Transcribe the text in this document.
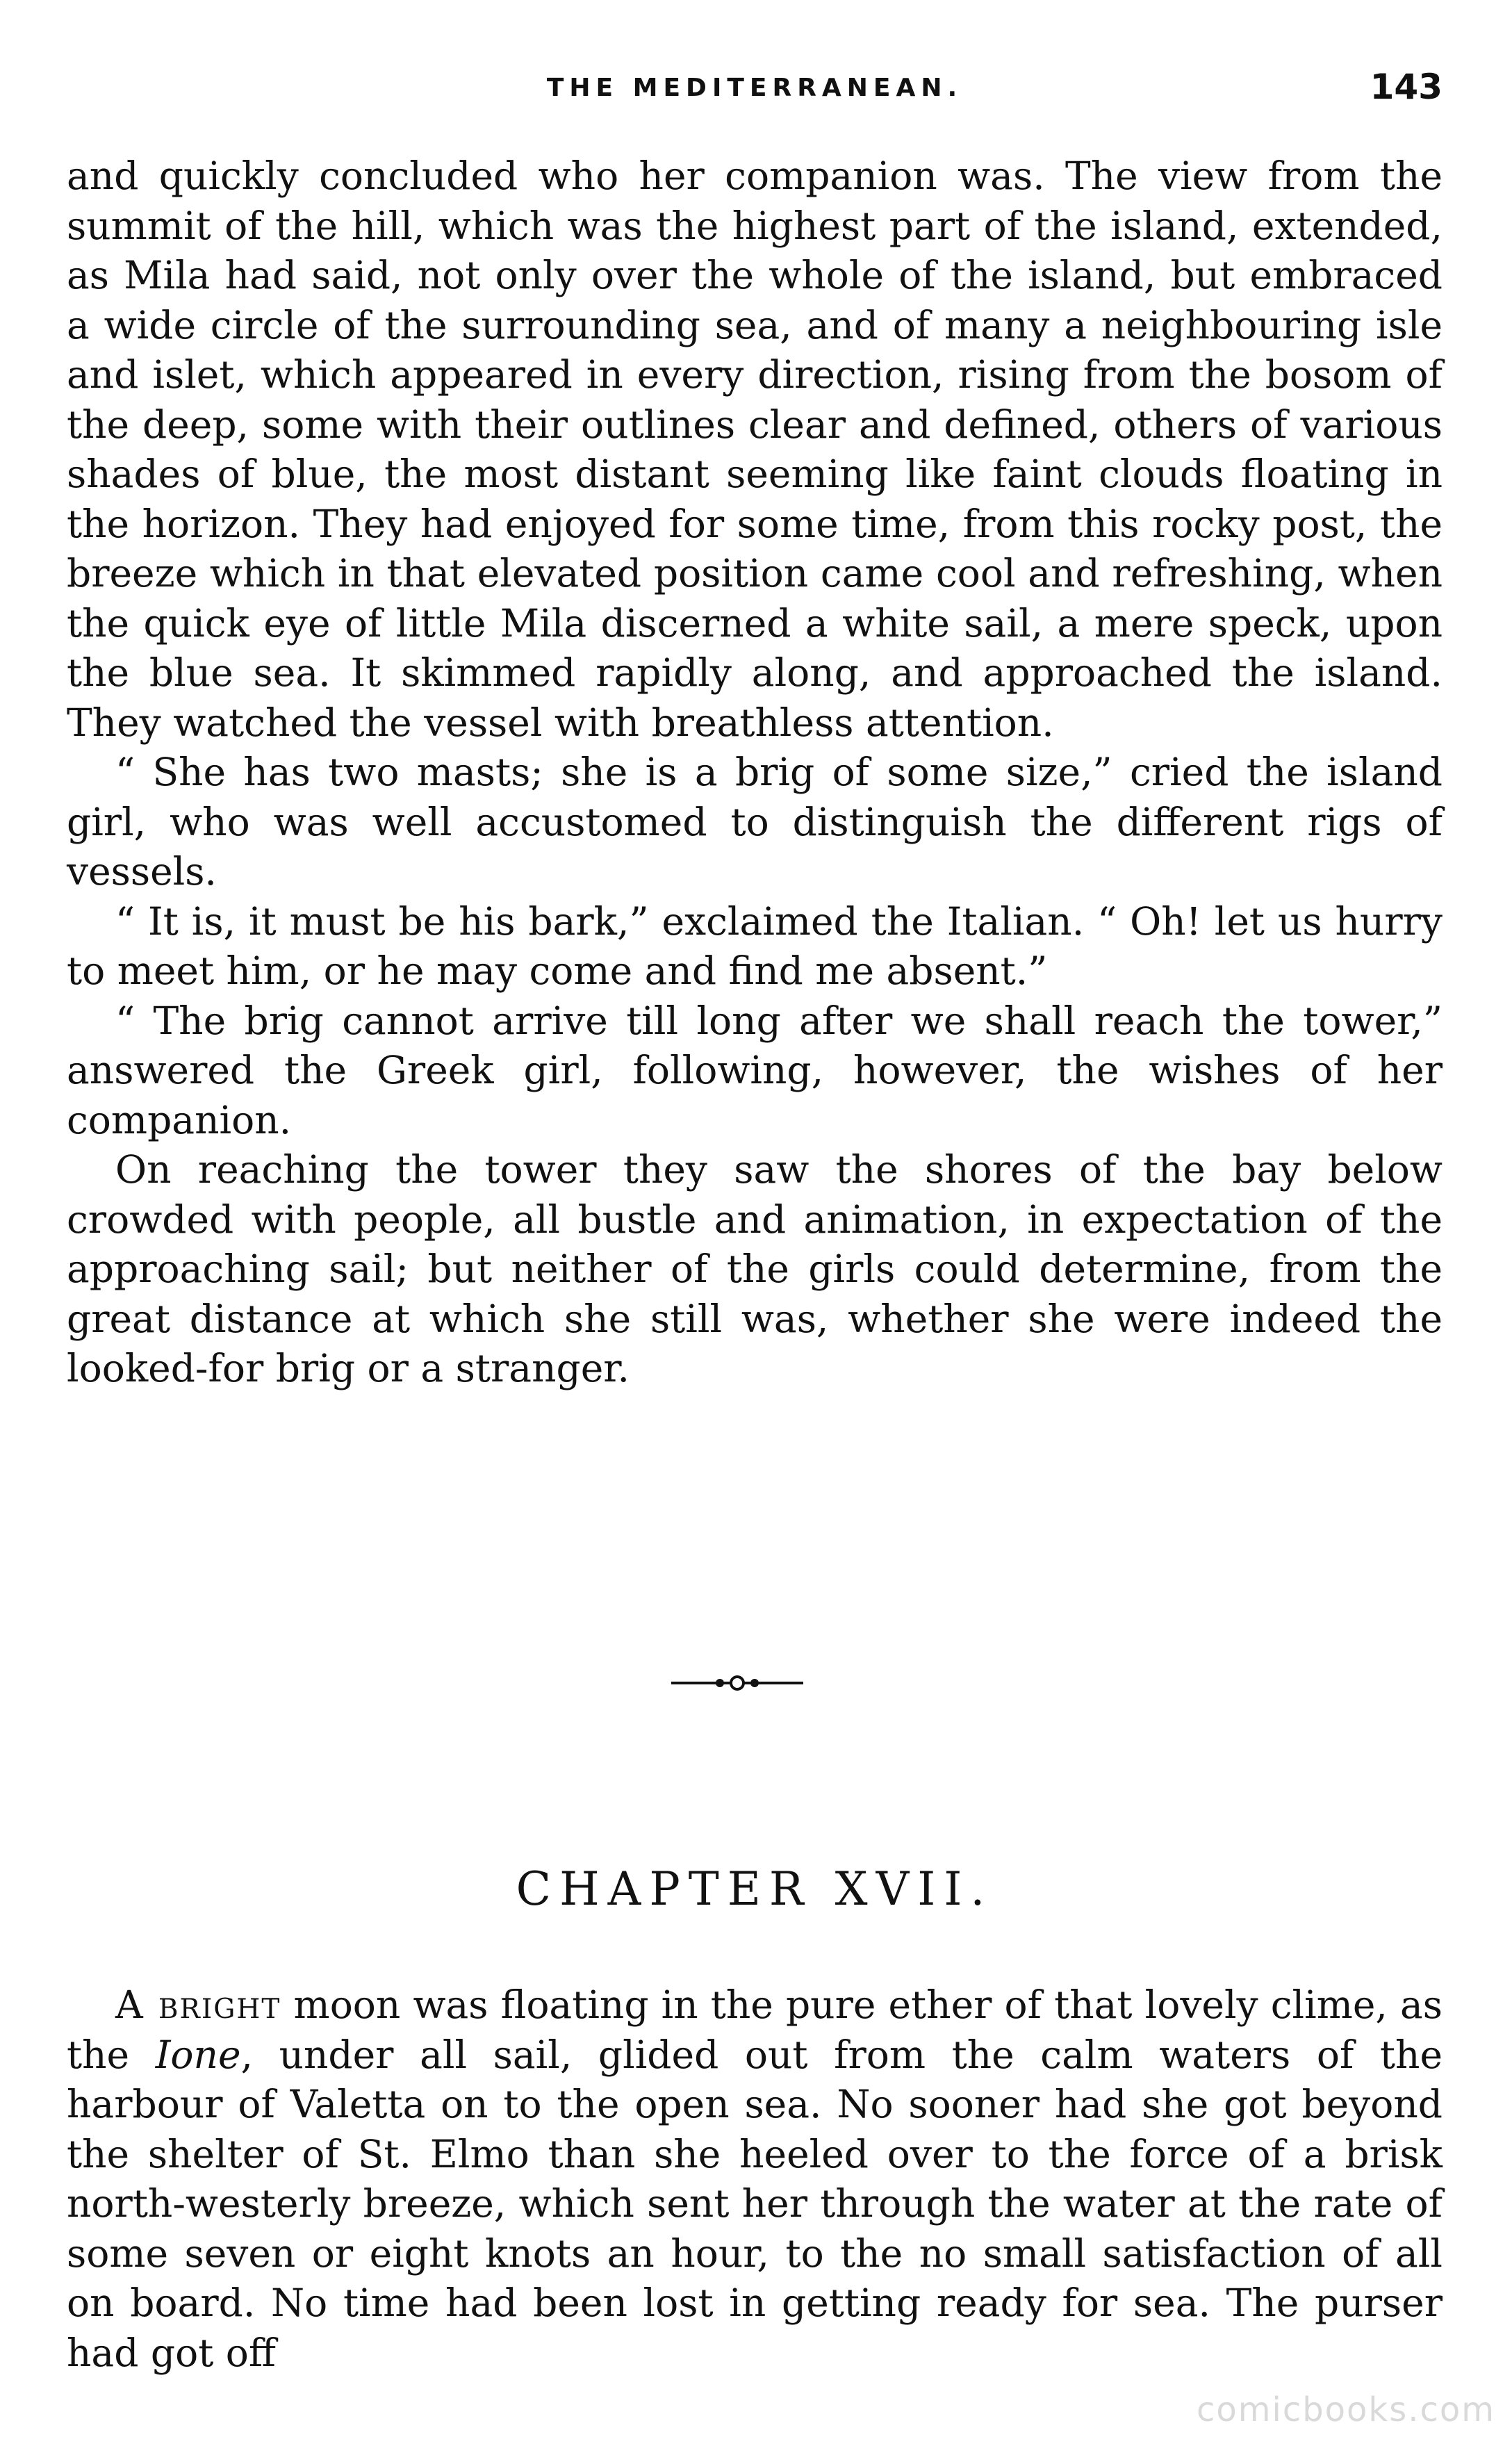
THE MEDITERRANEAN.	143

and quickly concluded who her companion was. The view from the summit of the hill, which was the highest part of the island, extended, as Mila had said, not only over the whole of the island, but embraced a wide circle of the surrounding sea, and of many a neighbouring isle and islet, which appeared in every direction, rising from the bosom of the deep, some with their outlines clear and defined, others of various shades of blue, the most distant seeming like faint clouds floating in the horizon. They had enjoyed for some time, from this rocky post, the breeze which in that elevated position came cool and refreshing, when the quick eye of little Mila discerned a white sail, a mere speck, upon the blue sea. It skimmed rapidly along, and approached the island. They watched the vessel with breathless attention.

“ She has two masts; she is a brig of some size,” cried the island girl, who was well accustomed to distinguish the different rigs of vessels.

“ It is, it must be his bark,” exclaimed the Italian. “ Oh! let us hurry to meet him, or he may come and find me absent.”

“ The brig cannot arrive till long after we shall reach the tower,” answered the Greek girl, following, however, the wishes of her companion.

On reaching the tower they saw the shores of the bay below crowded with people, all bustle and animation, in expectation of the approaching sail; but neither of the girls could determine, from the great distance at which she still was, whether she were indeed the looked-for brig or a stranger.

CHAPTER XVII.

A bright moon was floating in the pure ether of that lovely clime, as the Ione, under all sail, glided out from the calm waters of the harbour of Valetta on to the open sea. No sooner had she got beyond the shelter of St. Elmo than she heeled over to the force of a brisk north-westerly breeze, which sent her through the water at the rate of some seven or eight knots an hour, to the no small satisfaction of all on board. No time had been lost in getting ready for sea. The purser had got off

comicbooks.com
